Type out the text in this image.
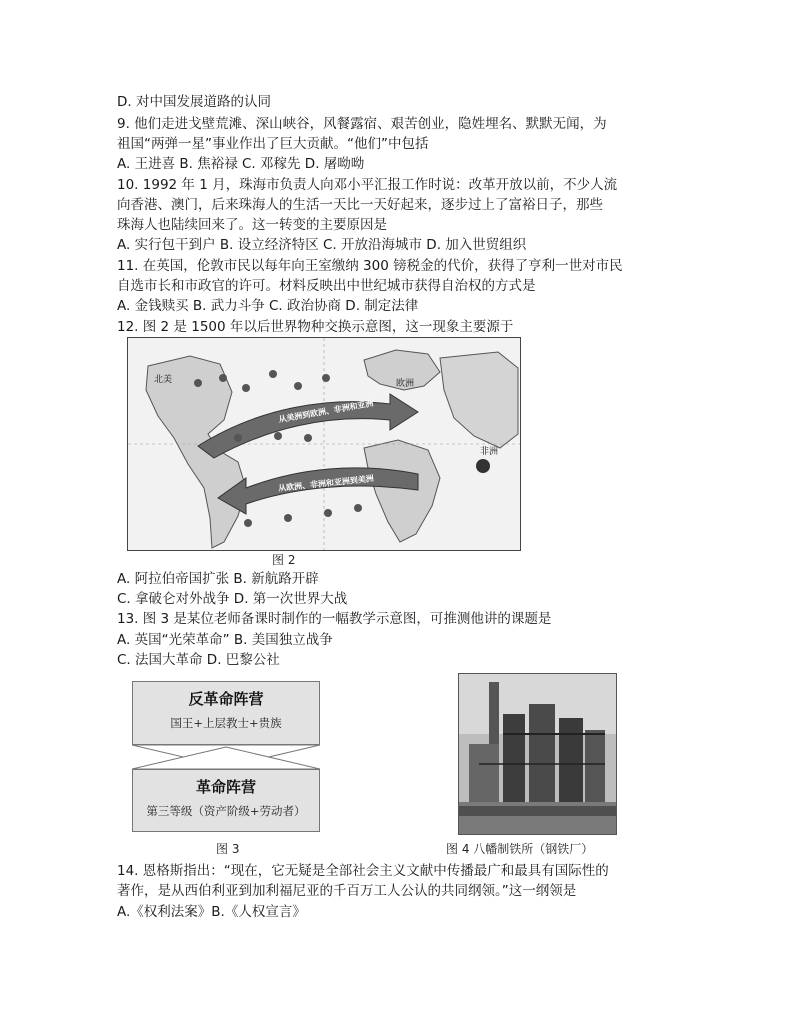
D. 对中国发展道路的认同
9. 他们走进戈壁荒滩、深山峡谷，风餐露宿、艰苦创业，隐姓埋名、默默无闻，为
祖国“两弹一星”事业作出了巨大贡献。“他们”中包括
A. 王进喜 B. 焦裕禄 C. 邓稼先 D. 屠呦呦
10. 1992 年 1 月，珠海市负责人向邓小平汇报工作时说：改革开放以前，不少人流
向香港、澳门，后来珠海人的生活一天比一天好起来，逐步过上了富裕日子，那些
珠海人也陆续回来了。这一转变的主要原因是
A. 实行包干到户 B. 设立经济特区 C. 开放沿海城市 D. 加入世贸组织
11. 在英国，伦敦市民以每年向王室缴纳 300 镑税金的代价，获得了亨利一世对市民
自选市长和市政官的许可。材料反映出中世纪城市获得自治权的方式是
A. 金钱赎买 B. 武力斗争 C. 政治协商 D. 制定法律
12. 图 2 是 1500 年以后世界物种交换示意图，这一现象主要源于
北美	欧洲
非洲
从美洲到欧洲、非洲和亚洲
从欧洲、非洲和亚洲到美洲
图 2
A. 阿拉伯帝国扩张 B. 新航路开辟
C. 拿破仑对外战争 D. 第一次世界大战
13. 图 3 是某位老师备课时制作的一幅教学示意图，可推测他讲的课题是
A. 英国“光荣革命” B. 美国独立战争
C. 法国大革命 D. 巴黎公社
反革命阵营
国王+上层教士+贵族
革命阵营
第三等级（资产阶级+劳动者）
图 3	图 4 八幡制铁所（钢铁厂）
14. 恩格斯指出：“现在，它无疑是全部社会主义文献中传播最广和最具有国际性的
著作，是从西伯利亚到加利福尼亚的千百万工人公认的共同纲领。”这一纲领是
A.《权利法案》B.《人权宣言》
